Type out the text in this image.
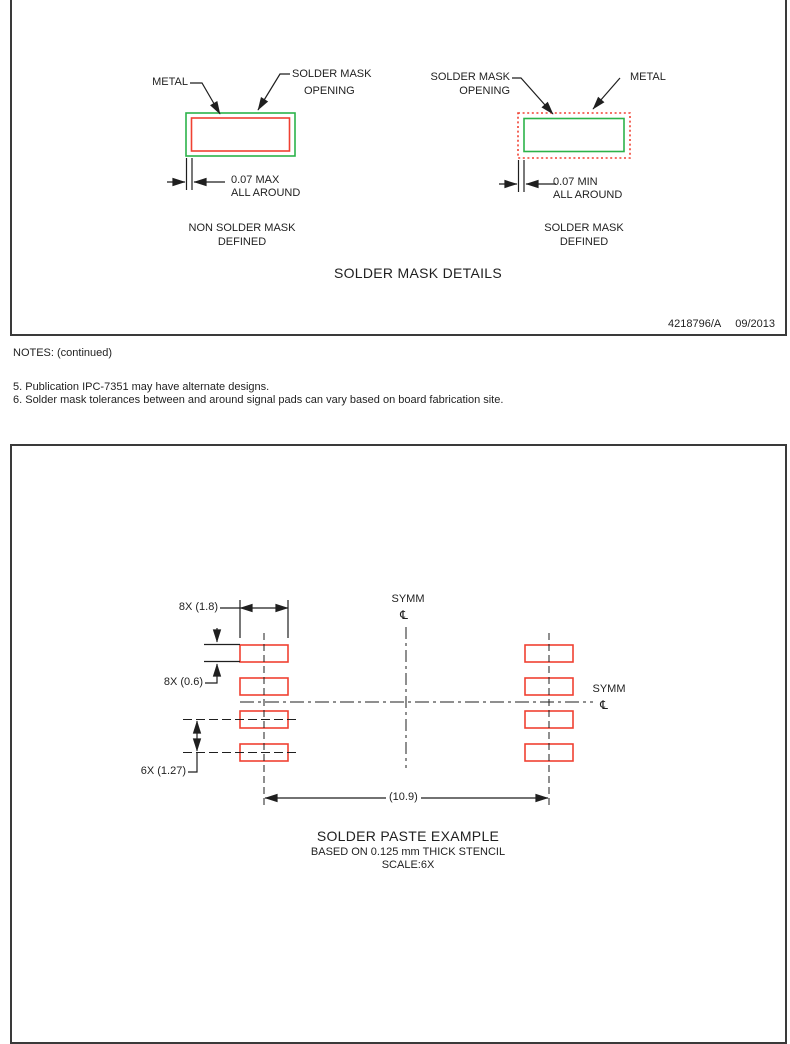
METAL
SOLDER MASK
OPENING
0.07 MAX
ALL AROUND
NON SOLDER MASK
DEFINED
SOLDER MASK
OPENING
METAL
0.07 MIN
ALL AROUND
SOLDER MASK
DEFINED
SOLDER MASK DETAILS
4218796/A 09/2013
NOTES: (continued)
5. Publication IPC-7351 may have alternate designs.
6. Solder mask tolerances between and around signal pads can vary based on board fabrication site.
SYMM
℄
SYMM
℄
8X (1.8)
8X (0.6)
6X (1.27)
(10.9)
SOLDER PASTE EXAMPLE
BASED ON 0.125 mm THICK STENCIL
SCALE:6X
